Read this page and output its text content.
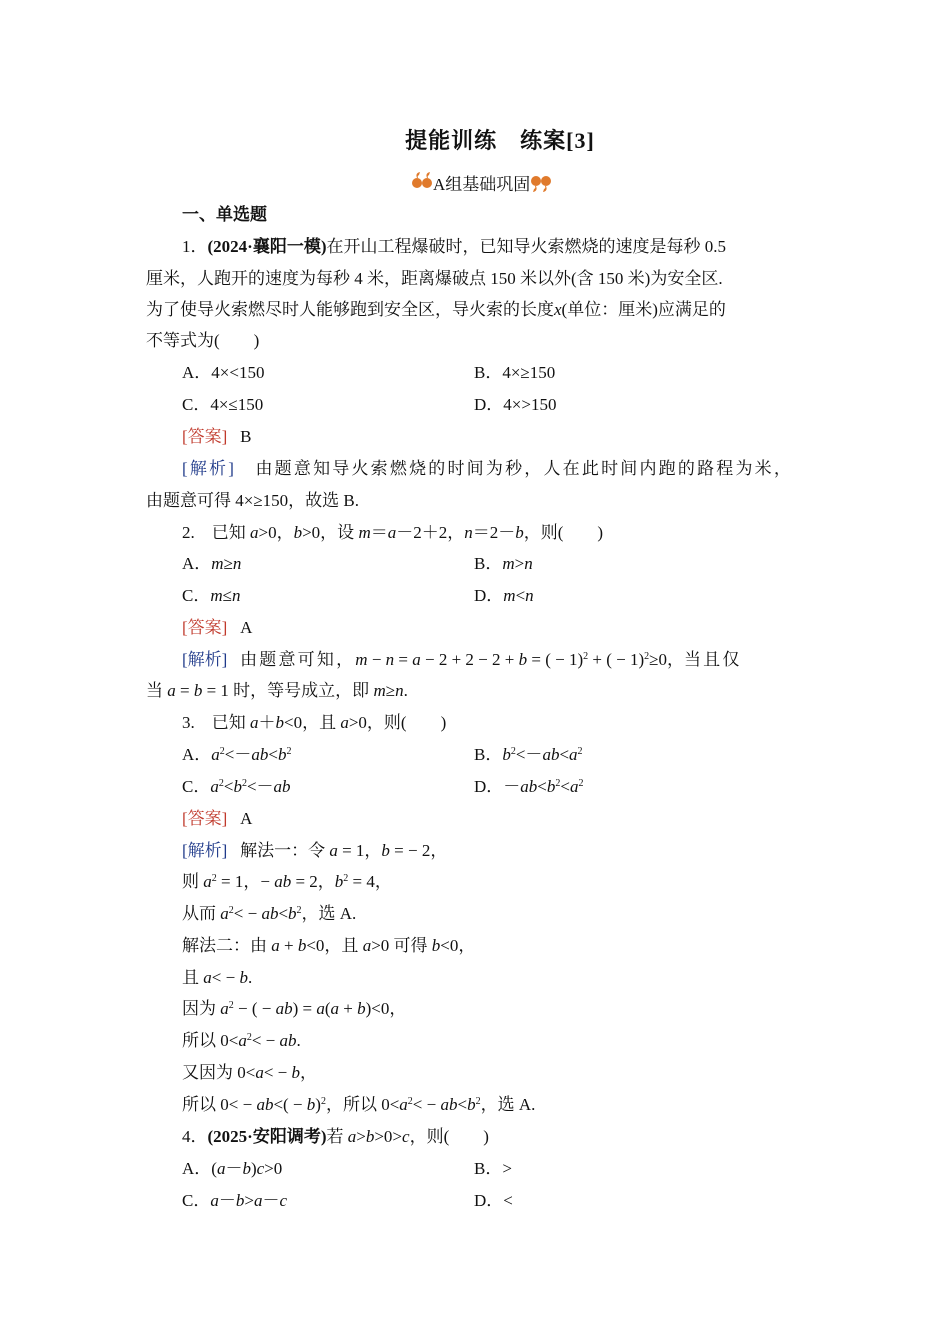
提能训练　练案[3]
A组基础巩固
一、单选题
1．(2024·襄阳一模)在开山工程爆破时，已知导火索燃烧的速度是每秒 0.5
厘米，人跑开的速度为每秒 4 米，距离爆破点 150 米以外(含 150 米)为安全区.
为了使导火索燃尽时人能够跑到安全区，导火索的长度x(单位：厘米)应满足的
不等式为(　　)
A．4×<150	B．4×≥150
C．4×≤150	D．4×>150
[答案] B
[解析] 由题意知导火索燃烧的时间为秒，人在此时间内跑的路程为米，
由题意可得 4×≥150，故选 B.
2.　已知 a>0，b>0，设 m＝a－2＋2，n＝2－b，则(　　)
A．m≥n	B．m>n
C．m≤n	D．m<n
[答案] A
[解析] 由题意可知，m − n = a − 2 + 2 − 2 + b = ( − 1)$^2$ + ( − 1)$^2$≥0，当且仅
当 a = b = 1 时，等号成立，即 m≥n.
3.　已知 a＋b<0，且 a>0，则(　　)
A．$a^2<-ab<b^2$	B．$b^2<-ab<a^2$
C．$a^2<b^2<-ab$	D．$-ab<b^2<a^2$
[答案] A
[解析]   解法一：令 a = 1，b = − 2，
则 $a^2 = 1$，− ab = 2，$b^2 = 4$，
从而 $a^2< - ab<b^2$，选 A.
解法二：由 a + b<0，且 a>0 可得 b<0，
且 a< − b.
因为 $a^2$ − ( − ab) = a(a + b)<0，
所以 $0<a^2<$ − ab.
又因为 0<a< − b，
所以 $0< - ab<( - b)^2$，所以 $0<a^2< - ab<b^2$，选 A.
4．(2025·安阳调考)若 a>b>0>c，则(　　)
A．(a－b)c>0	B．>
C．a－b>a－c	D．<
